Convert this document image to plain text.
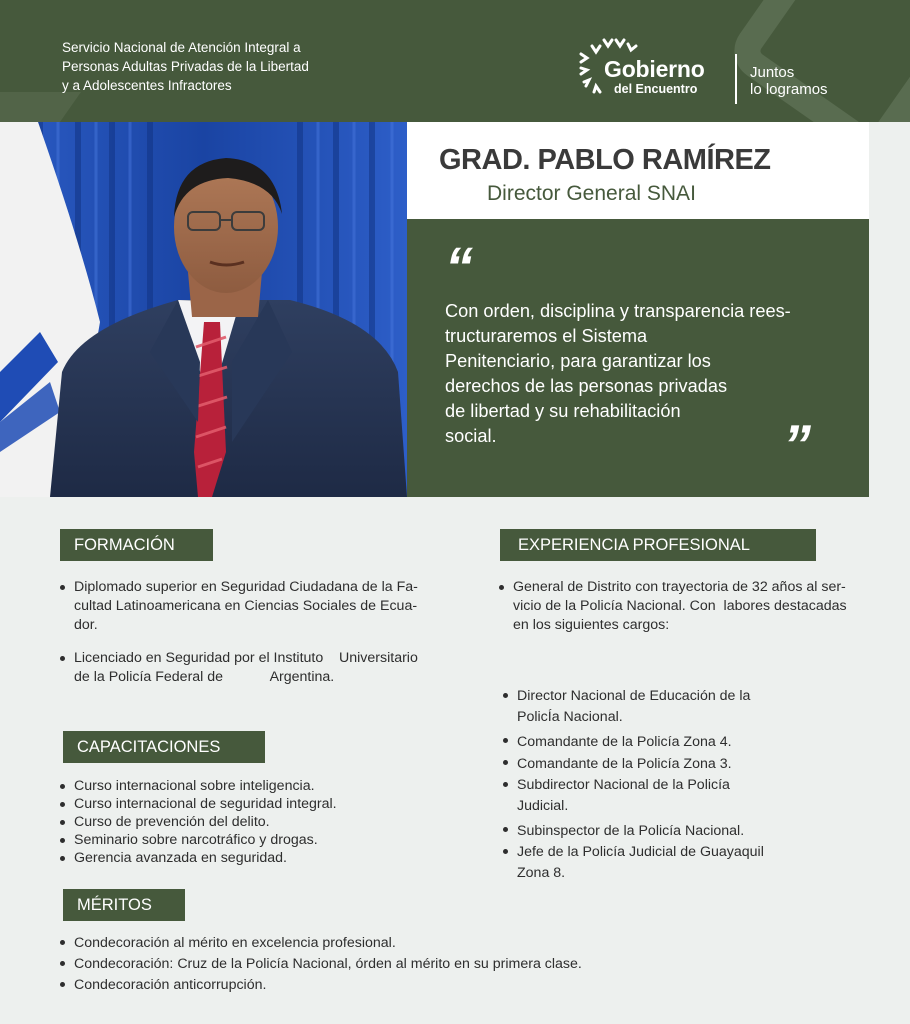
Servicio Nacional de Atención Integral a
Personas Adultas Privadas de la Libertad
y a Adolescentes Infractores
Gobierno
del Encuentro
Juntos
lo logramos
GRAD. PABLO RAMÍREZ
Director General SNAI
“
Con orden, disciplina y transparencia rees-
tructuraremos el Sistema
Penitenciario, para garantizar los
derechos de las personas privadas
de libertad y su rehabilitación
social.	”
FORMACIÓN
Diplomado superior en Seguridad Ciudadana de la Fa-
cultad Latinoamericana en Ciencias Sociales de Ecua-
dor.
Licenciado en Seguridad por el Instituto    Universitario
de la Policía Federal de            Argentina.
CAPACITACIONES
Curso internacional sobre inteligencia.
Curso internacional de seguridad integral.
Curso de prevención del delito.
Seminario sobre narcotráfico y drogas.
Gerencia avanzada en seguridad.
MÉRITOS
Condecoración al mérito en excelencia profesional.
Condecoración: Cruz de la Policía Nacional, órden al mérito en su primera clase.
Condecoración anticorrupción.
EXPERIENCIA PROFESIONAL
General de Distrito con trayectoria de 32 años al ser-
vicio de la Policía Nacional. Con  labores destacadas
en los siguientes cargos:
Director Nacional de Educación de la
PolicÍa Nacional.
Comandante de la Policía Zona 4.
Comandante de la Policía Zona 3.
Subdirector Nacional de la Policía
Judicial.
Subinspector de la Policía Nacional.
Jefe de la Policía Judicial de Guayaquil
Zona 8.
